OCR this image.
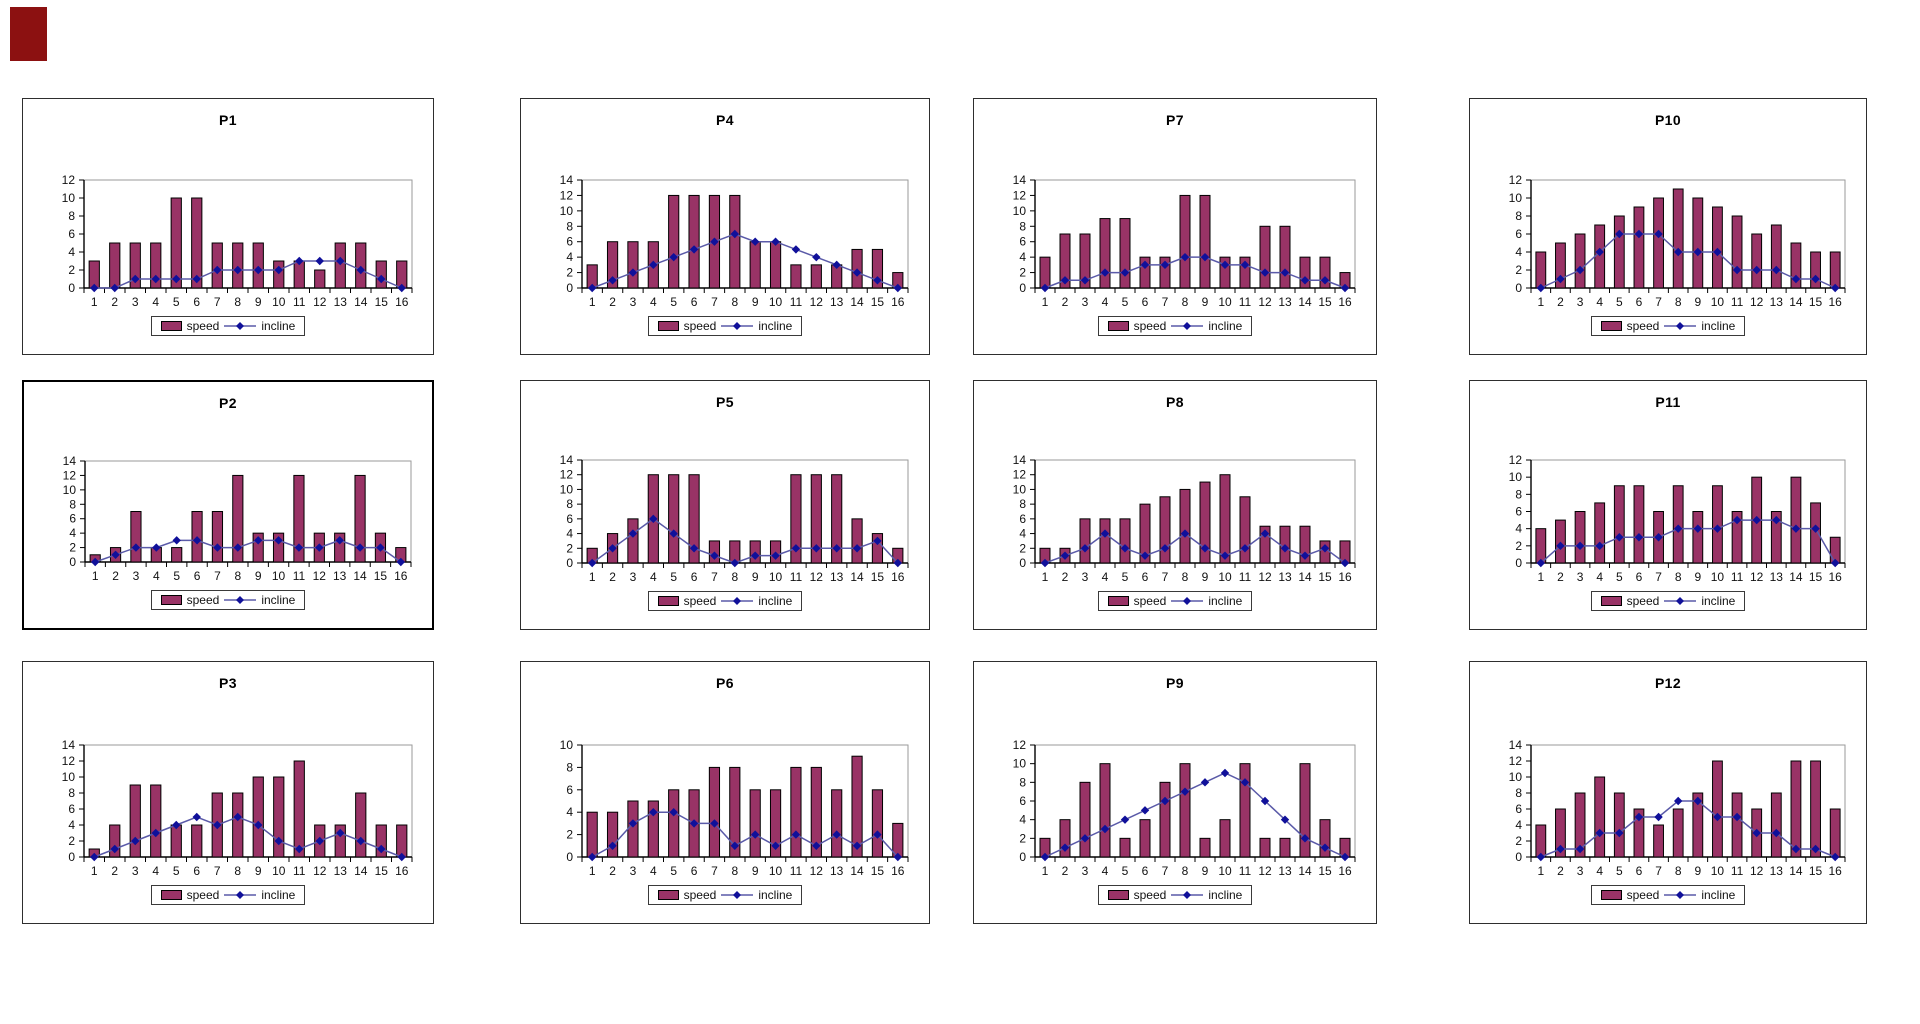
P1
0
2
4
6
8
10
12
1 2 3 4 5 6 7 8 9 10 11 12 13 14 15 16
speed	incline
P4
0
2
4
6
8
10
12
14
1 2 3 4 5 6 7 8 9 10 11 12 13 14 15 16
speed	incline
P7
0
2
4
6
8
10
12
14
1 2 3 4 5 6 7 8 9 10 11 12 13 14 15 16
speed	incline
P10
0
2
4
6
8
10
12
1 2 3 4 5 6 7 8 9 10 11 12 13 14 15 16
speed	incline
P2
0
2
4
6
8
10
12
14
1 2 3 4 5 6 7 8 9 10 11 12 13 14 15 16
speed	incline
P5
0
2
4
6
8
10
12
14
1 2 3 4 5 6 7 8 9 10 11 12 13 14 15 16
speed	incline
P8
0
2
4
6
8
10
12
14
1 2 3 4 5 6 7 8 9 10 11 12 13 14 15 16
speed	incline
P11
0
2
4
6
8
10
12
1 2 3 4 5 6 7 8 9 10 11 12 13 14 15 16
speed	incline
P3
0
2
4
6
8
10
12
14
1 2 3 4 5 6 7 8 9 10 11 12 13 14 15 16
speed	incline
P6
0
2
4
6
8
10
1 2 3 4 5 6 7 8 9 10 11 12 13 14 15 16
speed	incline
P9
0
2
4
6
8
10
12
1 2 3 4 5 6 7 8 9 10 11 12 13 14 15 16
speed	incline
P12
0
2
4
6
8
10
12
14
1 2 3 4 5 6 7 8 9 10 11 12 13 14 15 16
speed	incline
